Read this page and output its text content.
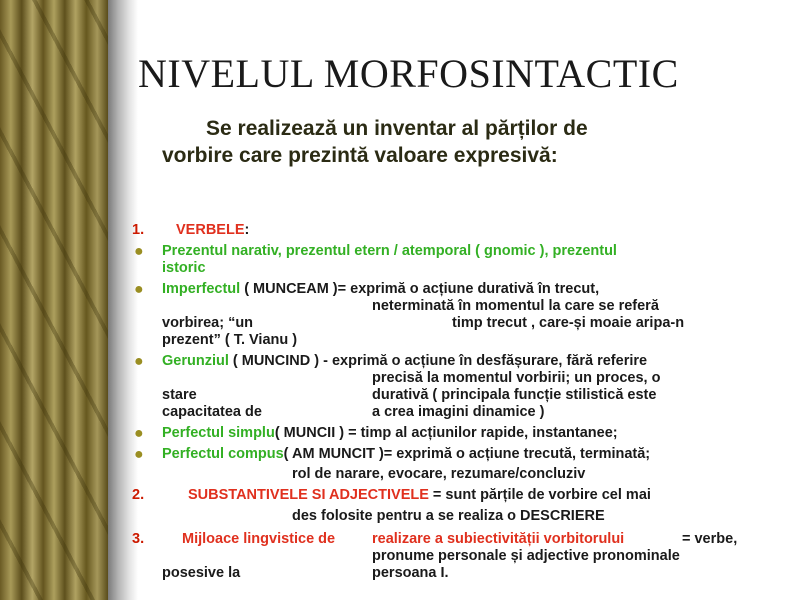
NIVELUL MORFOSINTACTIC
Se realizează un inventar al părților de
vorbire care prezintă valoare expresivă:
1.	VERBELE:
●	Prezentul narativ, prezentul etern / atemporal ( gnomic ), prezentul
istoric
●	Imperfectul ( MUNCEAM )= exprimă o acțiune durativă în trecut,
neterminată în momentul la care se referă
vorbirea; “un	timp trecut , care-și moaie aripa-n
prezent” ( T. Vianu )
●	Gerunziul ( MUNCIND ) - exprimă o acțiune în desfășurare, fără referire
precisă la momentul vorbirii; un proces, o
stare	durativă ( principala funcție stilistică este
capacitatea de	a crea imagini dinamice )
●	Perfectul simplu( MUNCII ) = timp al acțiunilor rapide, instantanee;
●	Perfectul compus( AM MUNCIT )= exprimă o acțiune trecută, terminată;
rol de narare, evocare, rezumare/concluziv
2.	SUBSTANTIVELE SI ADJECTIVELE = sunt părțile de vorbire cel mai
des folosite pentru a se realiza o DESCRIERE
3.	Mijloace lingvistice de	realizare a subiectivității vorbitorului	= verbe,
pronume personale și adjective pronominale
posesive la	persoana I.
